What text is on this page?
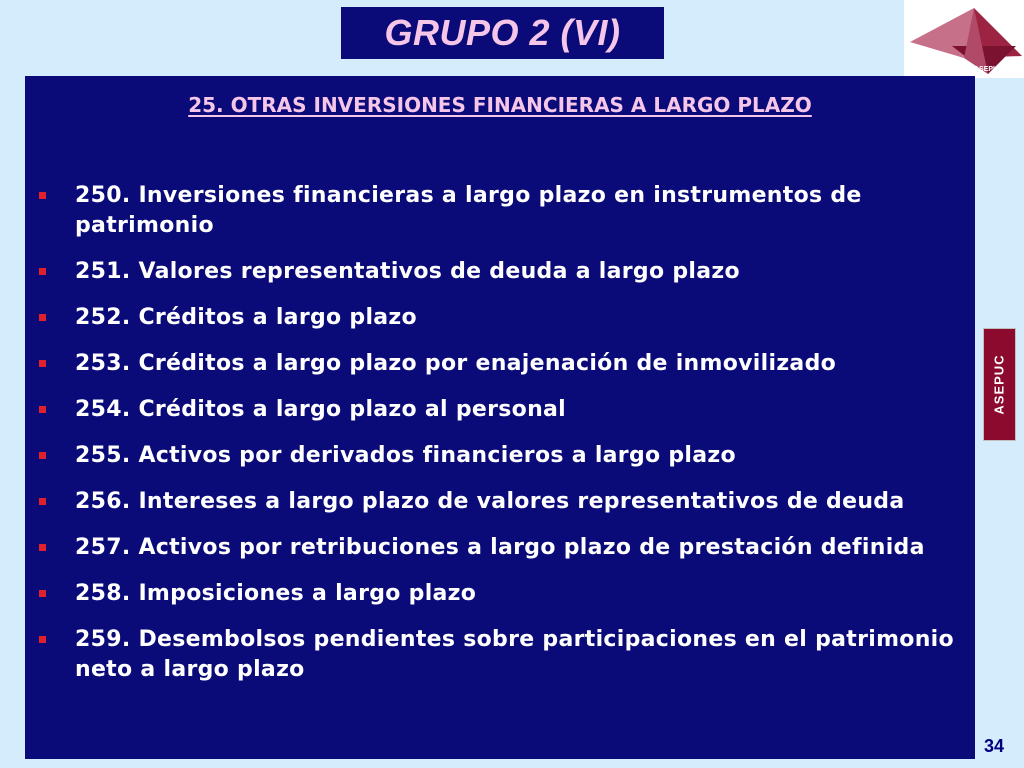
GRUPO 2 (VI)
ASEPUC
25. OTRAS INVERSIONES FINANCIERAS A LARGO PLAZO
250. Inversiones financieras a largo plazo en instrumentos de patrimonio
251. Valores representativos de deuda a largo plazo
252. Créditos a largo plazo
253. Créditos a largo plazo por enajenación de inmovilizado
254. Créditos a largo plazo al personal
255. Activos por derivados financieros a largo plazo
256. Intereses a largo plazo de valores representativos de deuda
257. Activos por retribuciones a largo plazo de prestación definida
258. Imposiciones a largo plazo
259. Desembolsos pendientes sobre participaciones en el patrimonio neto a largo plazo
ASEPUC
34
